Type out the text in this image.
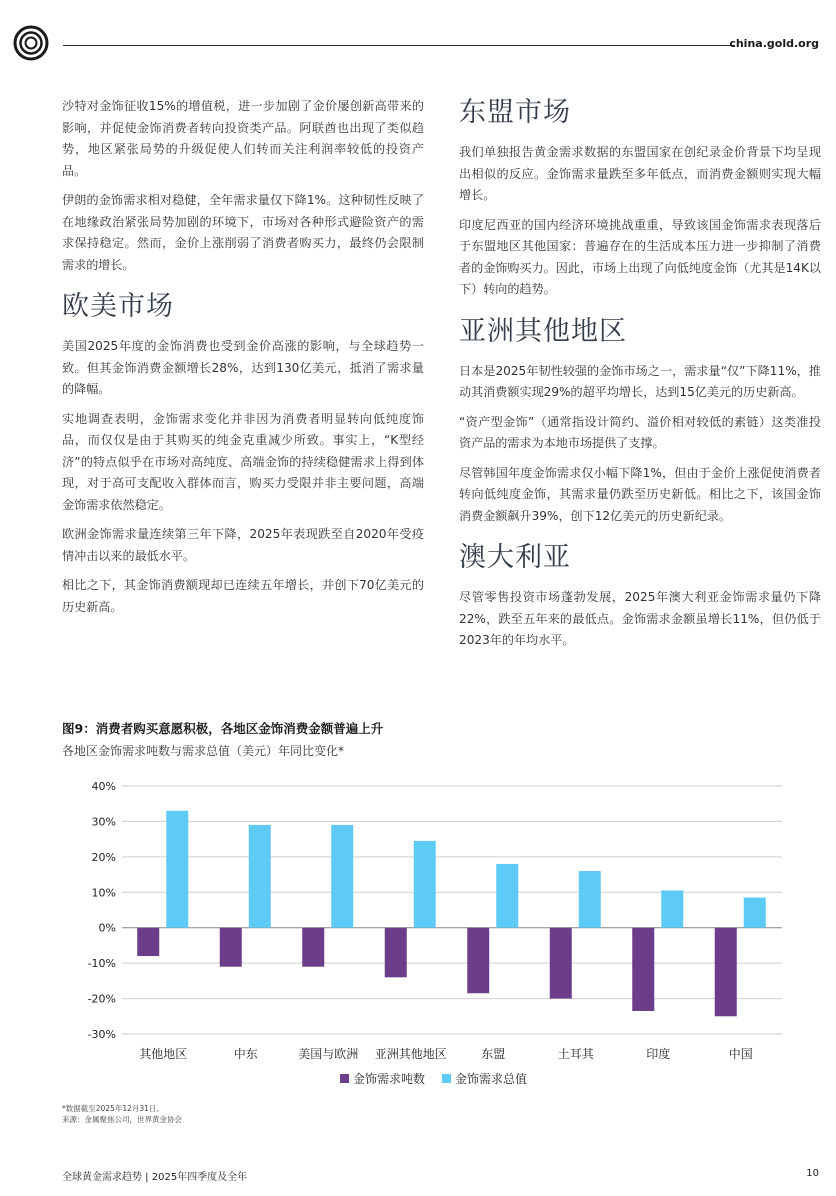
china.gold.org

沙特对金饰征收15%的增值税，进一步加剧了金价屡创新高带来的影响，并促使金饰消费者转向投资类产品。阿联酋也出现了类似趋势，地区紧张局势的升级促使人们转而关注利润率较低的投资产品。

伊朗的金饰需求相对稳健，全年需求量仅下降1%。这种韧性反映了在地缘政治紧张局势加剧的环境下，市场对各种形式避险资产的需求保持稳定。然而，金价上涨削弱了消费者购买力，最终仍会限制需求的增长。

欧美市场

美国2025年度的金饰消费也受到金价高涨的影响，与全球趋势一致。但其金饰消费金额增长28%，达到130亿美元，抵消了需求量的降幅。

实地调查表明，金饰需求变化并非因为消费者明显转向低纯度饰品，而仅仅是由于其购买的纯金克重减少所致。事实上，“K型经济”的特点似乎在市场对高纯度、高端金饰的持续稳健需求上得到体现，对于高可支配收入群体而言，购买力受限并非主要问题，高端金饰需求依然稳定。

欧洲金饰需求量连续第三年下降，2025年表现跌至自2020年受疫情冲击以来的最低水平。

相比之下，其金饰消费额现却已连续五年增长，并创下70亿美元的历史新高。

东盟市场

我们单独报告黄金需求数据的东盟国家在创纪录金价背景下均呈现出相似的反应。金饰需求量跌至多年低点，而消费金额则实现大幅增长。

印度尼西亚的国内经济环境挑战重重，导致该国金饰需求表现落后于东盟地区其他国家：普遍存在的生活成本压力进一步抑制了消费者的金饰购买力。因此，市场上出现了向低纯度金饰（尤其是14K以下）转向的趋势。

亚洲其他地区

日本是2025年韧性较强的金饰市场之一，需求量“仅”下降11%，推动其消费额实现29%的超平均增长，达到15亿美元的历史新高。

“资产型金饰”（通常指设计简约、溢价相对较低的素链）这类准投资产品的需求为本地市场提供了支撑。

尽管韩国年度金饰需求仅小幅下降1%，但由于金价上涨促使消费者转向低纯度金饰，其需求量仍跌至历史新低。相比之下，该国金饰消费金额飙升39%，创下12亿美元的历史新纪录。

澳大利亚

尽管零售投资市场蓬勃发展，2025年澳大利亚金饰需求量仍下降22%，跌至五年来的最低点。金饰需求金额虽增长11%，但仍低于2023年的年均水平。

图9：消费者购买意愿积极，各地区金饰消费金额普遍上升
各地区金饰需求吨数与需求总值（美元）年同比变化*
40%
30%
20%
10%
0%
-10%
-20%
-30%
其他地区	中东	美国与欧洲 亚洲其他地区	东盟	土耳其	印度	中国
金饰需求吨数 金饰需求总值
*数据截至2025年12月31日。
来源：金属聚焦公司，世界黄金协会
全球黄金需求趋势 | 2025年四季度及全年	10
